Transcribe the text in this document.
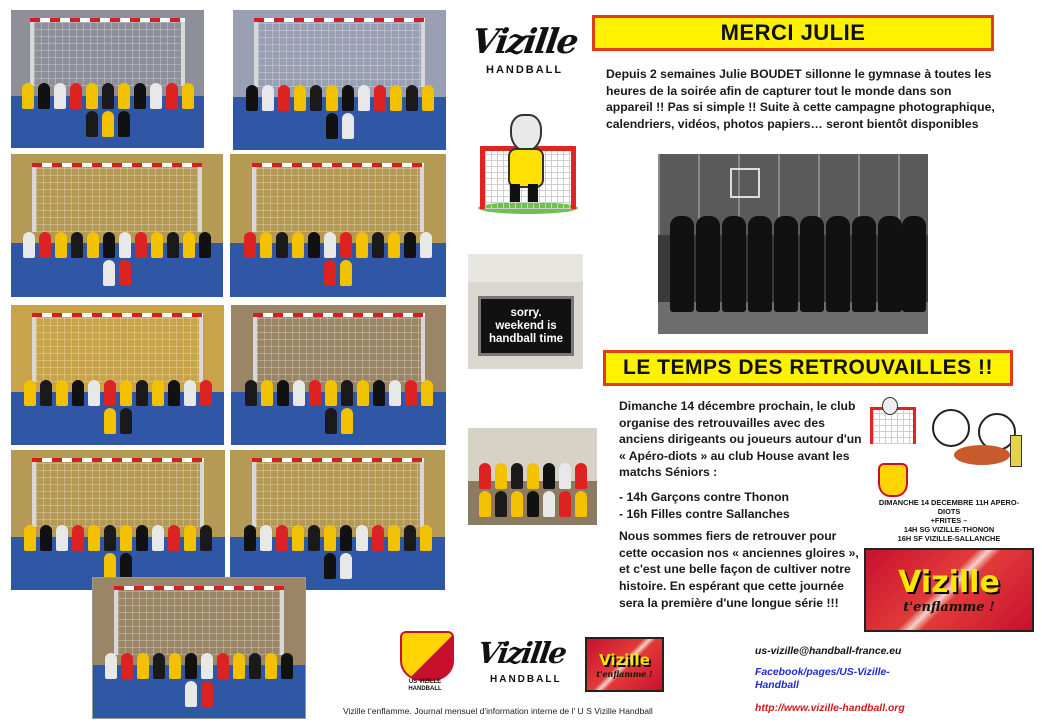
Vizille
HANDBALL
sorry.
weekend is
handball time
MERCI JULIE

Depuis 2 semaines Julie BOUDET sillonne le gymnase à toutes les heures de la soirée afin de capturer tout le monde dans son appareil !! Pas si simple !! Suite à cette campagne photographique, calendriers, vidéos, photos papiers… seront bientôt disponibles

LE TEMPS DES RETROUVAILLES !!

Dimanche 14 décembre prochain, le club organise des retrouvailles avec des anciens dirigeants ou joueurs autour d'un « Apéro-diots » au club House avant les matchs Séniors :

- 14h Garçons contre Thonon

- 16h Filles contre Sallanches

Nous sommes fiers de retrouver pour cette occasion nos « anciennes gloires », et c'est une belle façon de cultiver notre histoire. En espérant que cette journée sera la première d'une longue série !!!

DIMANCHE 14 DECEMBRE 11H APERO-DIOTS
+FRITES –
14H SG VIZILLE-THONON
16H SF VIZILLE-SALLANCHE
Vizille
t'enflamme !
US VIZILLE HANDBALL
Vizille
HANDBALL
Vizille
t'enflamme !
us-vizille@handball-france.eu
Facebook/pages/US-Vizille-Handball
http://www.vizille-handball.org
Vizille t'enflamme. Journal mensuel d'information interne de l' U S Vizille Handball
